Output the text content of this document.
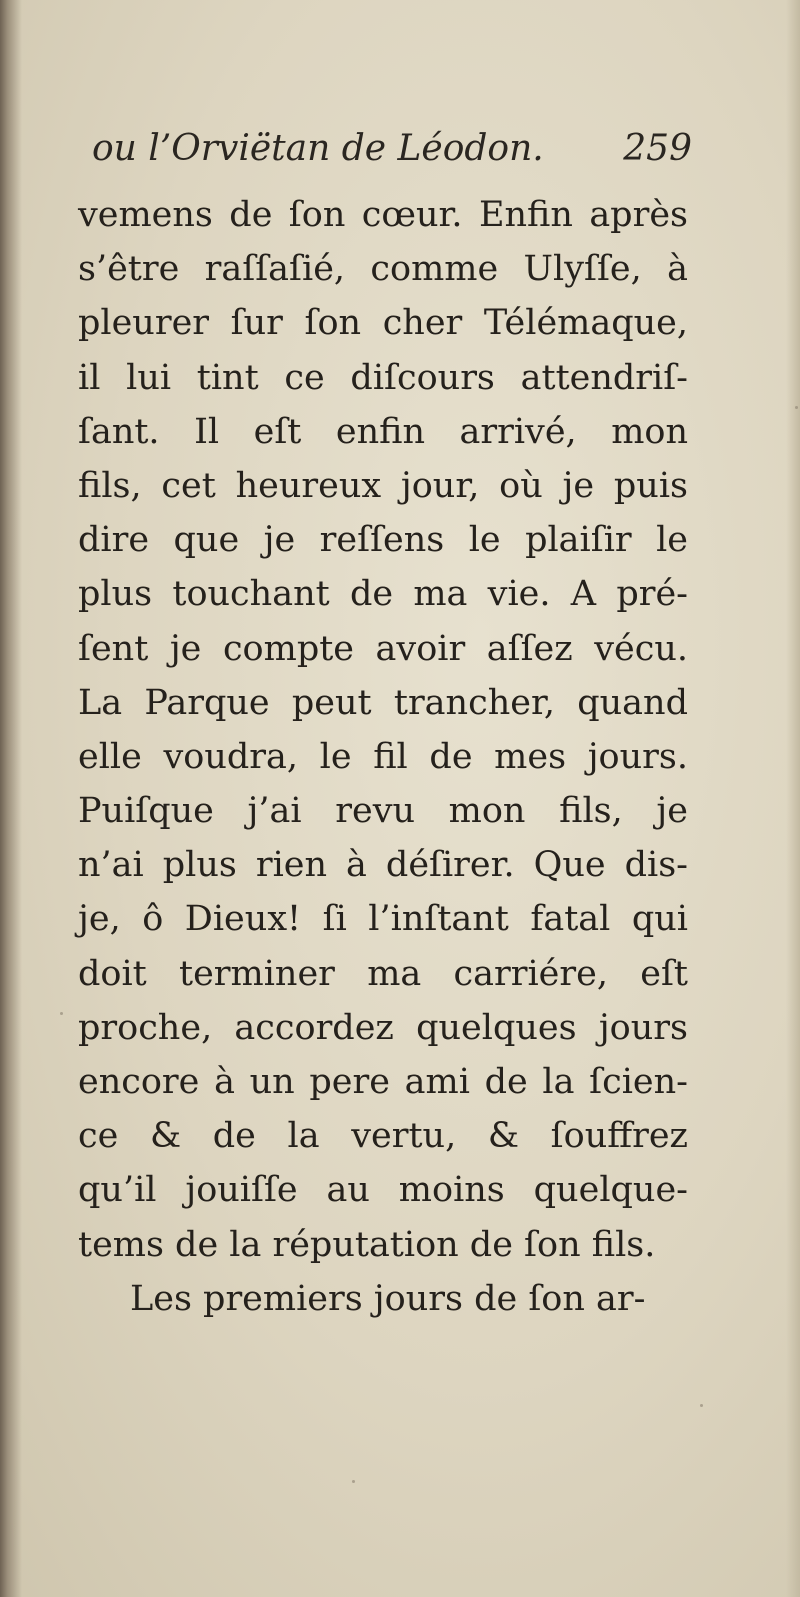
ou l’Orviëtan de Léodon. 259
vemens de ſon cœur. Enfin après
s’être raſſaſié, comme Ulyſſe, à
pleurer ſur ſon cher Télémaque,
il lui tint ce diſcours attendriſ-
ſant. Il eſt enfin arrivé, mon
fils, cet heureux jour, où je puis
dire que je reſſens le plaiſir le
plus touchant de ma vie. A pré-
ſent je compte avoir aſſez vécu.
La Parque peut trancher, quand
elle voudra, le fil de mes jours.
Puiſque j’ai revu mon fils, je
n’ai plus rien à déſirer. Que dis-
je, ô Dieux! ſi l’inſtant fatal qui
doit terminer ma carriére, eſt
proche, accordez quelques jours
encore à un pere ami de la ſcien-
ce & de la vertu, & ſouffrez
qu’il jouiſſe au moins quelque-
tems de la réputation de ſon fils.
Les premiers jours de ſon ar-
